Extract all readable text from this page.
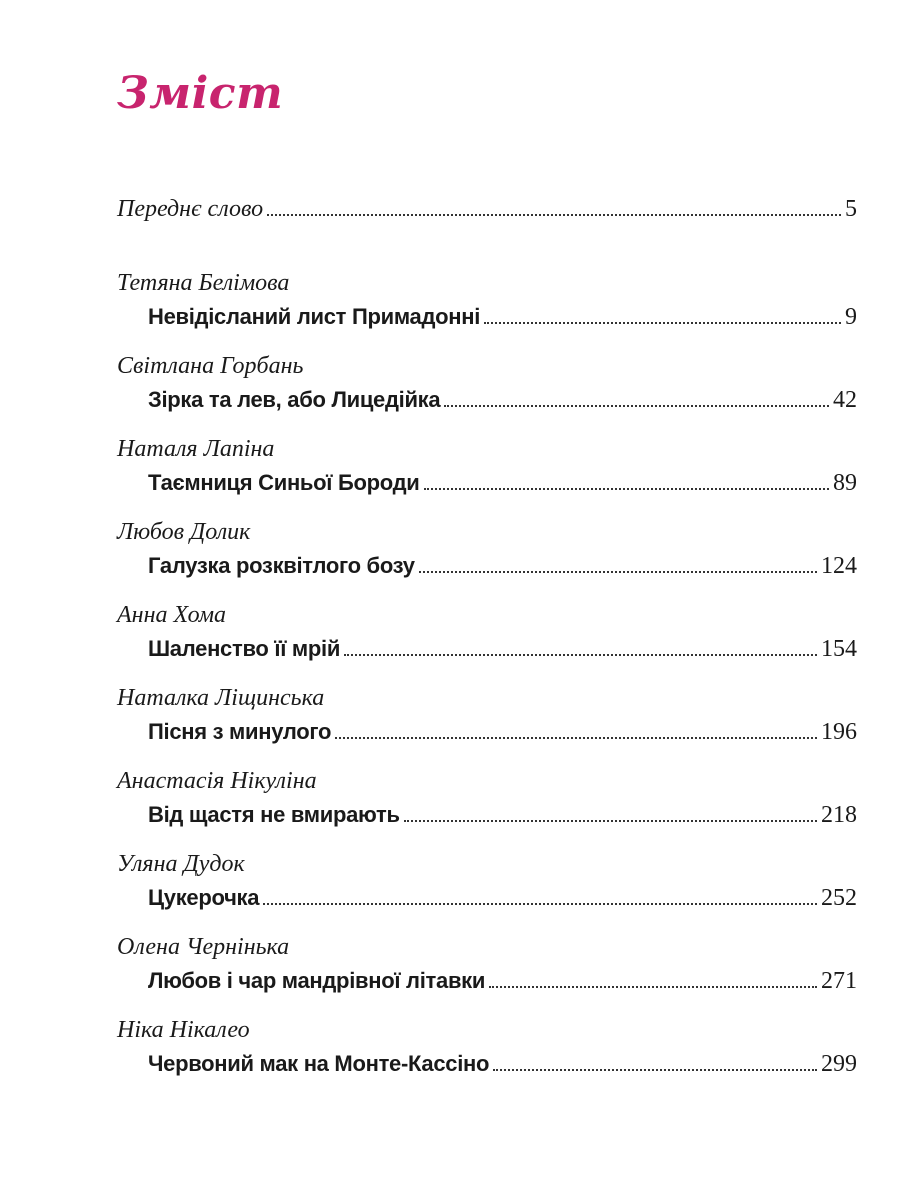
Зміст
Переднє слово	5
Тетяна Белімова
Невідісланий лист Примадонні	9
Світлана Горбань
Зірка та лев, або Лицедійка	42
Наталя Лапіна
Таємниця Синьої Бороди	89
Любов Долик
Галузка розквітлого бозу	124
Анна Хома
Шаленство її мрій	154
Наталка Ліщинська
Пісня з минулого	196
Анастасія Нікуліна
Від щастя не вмирають	218
Уляна Дудок
Цукерочка	252
Олена Чернінька
Любов і чар мандрівної літавки	271
Ніка Нікалео
Червоний мак на Монте-Кассіно	299
